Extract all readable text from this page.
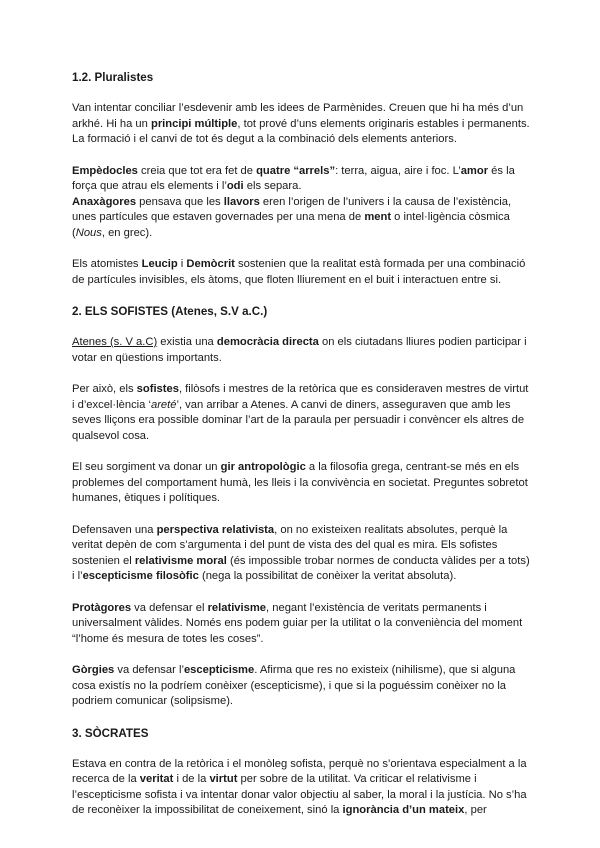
1.2. Pluralistes

Van intentar conciliar l’esdevenir amb les idees de Parmènides. Creuen que hi ha més d’un arkhé. Hi ha un principi múltiple, tot prové d’uns elements originaris estables i permanents. La formació i el canvi de tot és degut a la combinació dels elements anteriors.

Empèdocles creia que tot era fet de quatre “arrels”: terra, aigua, aire i foc. L’amor és la força que atrau els elements i l’odi els separa.

Anaxàgores pensava que les llavors eren l’origen de l’univers i la causa de l’existència, unes partícules que estaven governades per una mena de ment o intel·ligència còsmica (Nous, en grec).

Els atomistes Leucip i Demòcrit sostenien que la realitat està formada per una combinació de partícules invisibles, els àtoms, que floten lliurement en el buit i interactuen entre si.

2. ELS SOFISTES (Atenes, S.V a.C.)

Atenes (s. V a.C) existia una democràcia directa on els ciutadans lliures podien participar i votar en qüestions importants.

Per això, els sofistes, filòsofs i mestres de la retòrica que es consideraven mestres de virtut i d’excel·lència ‘areté’, van arribar a Atenes. A canvi de diners, asseguraven que amb les seves lliçons era possible dominar l’art de la paraula per persuadir i convèncer els altres de qualsevol cosa.

El seu sorgiment va donar un gir antropològic a la filosofia grega, centrant-se més en els problemes del comportament humà, les lleis i la convivència en societat. Preguntes sobretot humanes, ètiques i polítiques.

Defensaven una perspectiva relativista, on no existeixen realitats absolutes, perquè la veritat depèn de com s’argumenta i del punt de vista des del qual es mira. Els sofistes sostenien el relativisme moral (és impossible trobar normes de conducta vàlides per a tots) i l’escepticisme filosòfic (nega la possibilitat de conèixer la veritat absoluta).

Protàgores va defensar el relativisme, negant l’existència de veritats permanents i universalment vàlides. Només ens podem guiar per la utilitat o la conveniència del moment “l’home és mesura de totes les coses”.

Gòrgies va defensar l’escepticisme. Afirma que res no existeix (nihilisme), que si alguna cosa existís no la podríem conèixer (escepticisme), i que si la poguéssim conèixer no la podriem comunicar (solipsisme).

3. SÒCRATES

Estava en contra de la retòrica i el monòleg sofista, perquè no s’orientava especialment a la recerca de la veritat i de la virtut per sobre de la utilitat. Va criticar el relativisme i l’escepticisme sofista i va intentar donar valor objectiu al saber, la moral i la justícia. No s’ha de reconèixer la impossibilitat de coneixement, sinó la ignorància d’un mateix, per
